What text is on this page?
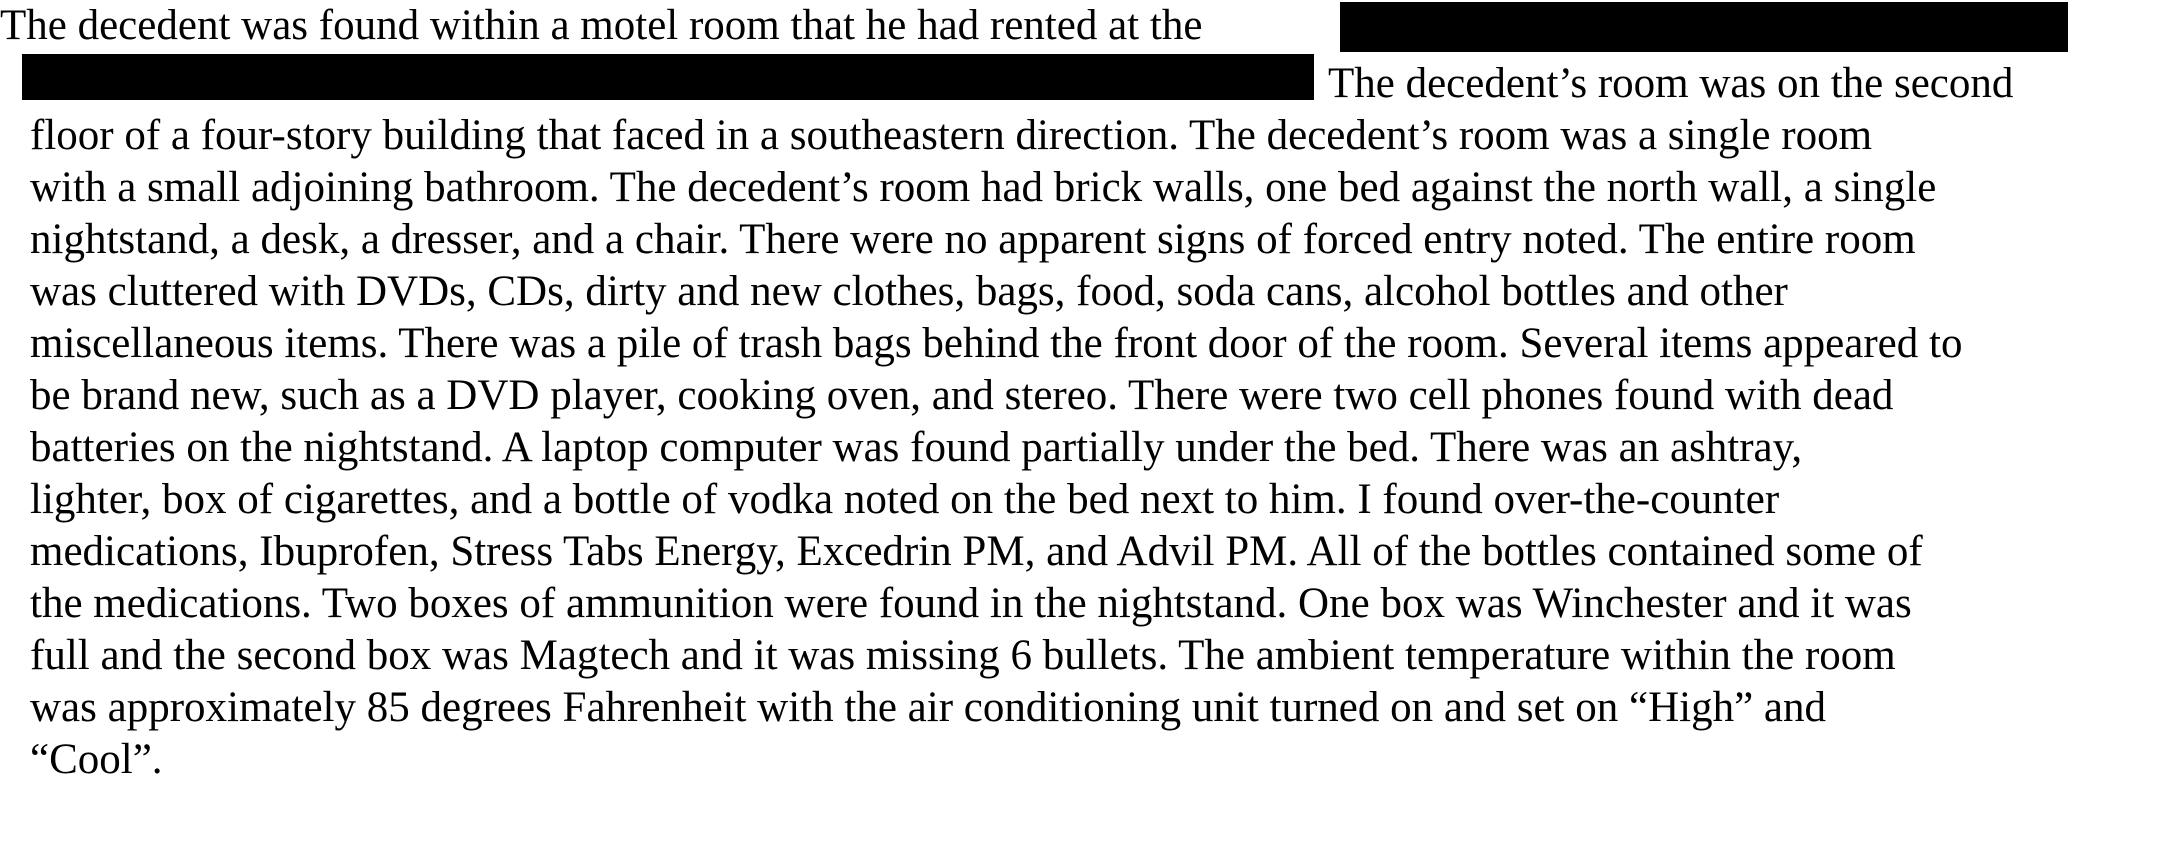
The decedent was found within a motel room that he had rented at the
The decedent’s room was on the second
floor of a four-story building that faced in a southeastern direction. The decedent’s room was a single room
with a small adjoining bathroom. The decedent’s room had brick walls, one bed against the north wall, a single
nightstand, a desk, a dresser, and a chair. There were no apparent signs of forced entry noted. The entire room
was cluttered with DVDs, CDs, dirty and new clothes, bags, food, soda cans, alcohol bottles and other
miscellaneous items. There was a pile of trash bags behind the front door of the room. Several items appeared to
be brand new, such as a DVD player, cooking oven, and stereo. There were two cell phones found with dead
batteries on the nightstand. A laptop computer was found partially under the bed. There was an ashtray,
lighter, box of cigarettes, and a bottle of vodka noted on the bed next to him. I found over-the-counter
medications, Ibuprofen, Stress Tabs Energy, Excedrin PM, and Advil PM. All of the bottles contained some of
the medications. Two boxes of ammunition were found in the nightstand. One box was Winchester and it was
full and the second box was Magtech and it was missing 6 bullets. The ambient temperature within the room
was approximately 85 degrees Fahrenheit with the air conditioning unit turned on and set on “High” and
“Cool”.
